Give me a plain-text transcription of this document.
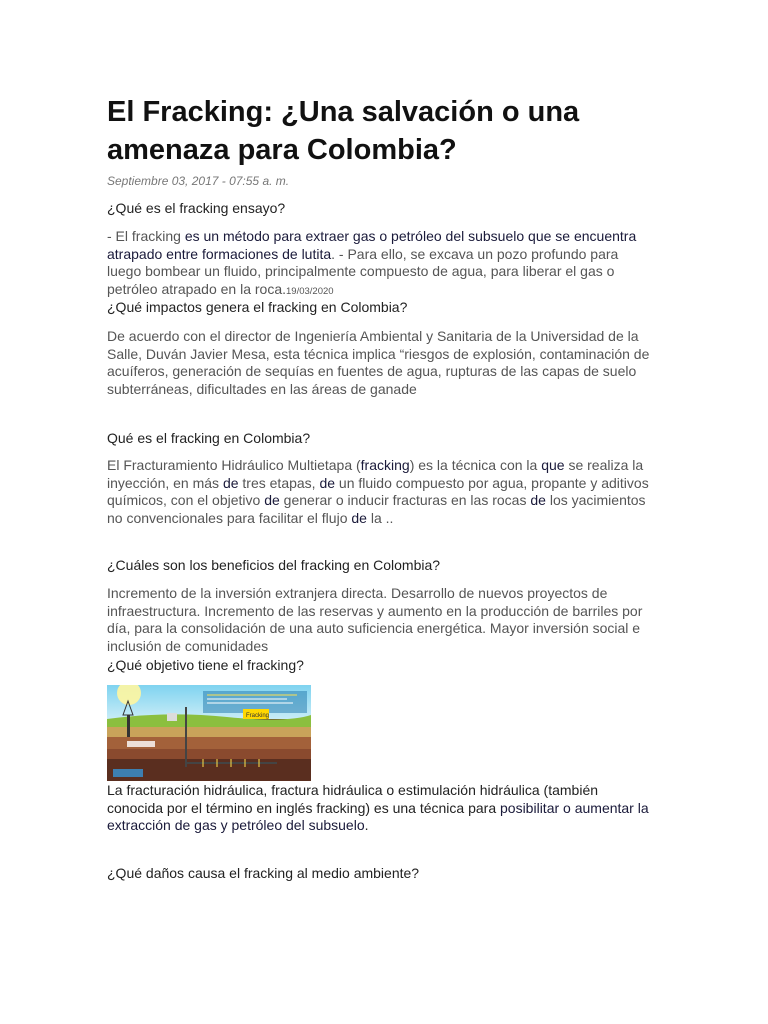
El Fracking: ¿Una salvación o una amenaza para Colombia?
Septiembre 03, 2017 - 07:55 a. m.
¿Qué es el fracking ensayo?
- El fracking es un método para extraer gas o petróleo del subsuelo que se encuentra atrapado entre formaciones de lutita. - Para ello, se excava un pozo profundo para luego bombear un fluido, principalmente compuesto de agua, para liberar el gas o petróleo atrapado en la roca.19/03/2020
¿Qué impactos genera el fracking en Colombia?
De acuerdo con el director de Ingeniería Ambiental y Sanitaria de la Universidad de la Salle, Duván Javier Mesa, esta técnica implica “riesgos de explosión, contaminación de acuíferos, generación de sequías en fuentes de agua, rupturas de las capas de suelo subterráneas, dificultades en las áreas de ganade
Qué es el fracking en Colombia?
El Fracturamiento Hidráulico Multietapa (fracking) es la técnica con la que se realiza la inyección, en más de tres etapas, de un fluido compuesto por agua, propante y aditivos químicos, con el objetivo de generar o inducir fracturas en las rocas de los yacimientos no convencionales para facilitar el flujo de la ..
¿Cuáles son los beneficios del fracking en Colombia?
Incremento de la inversión extranjera directa. Desarrollo de nuevos proyectos de infraestructura. Incremento de las reservas y aumento en la producción de barriles por día, para la consolidación de una auto suficiencia energética. Mayor inversión social e inclusión de comunidades
¿Qué objetivo tiene el fracking?
Fracking
La fracturación hidráulica, fractura hidráulica o estimulación hidráulica (también conocida por el término en inglés fracking) es una técnica para posibilitar o aumentar la extracción de gas y petróleo del subsuelo.
¿Qué daños causa el fracking al medio ambiente?
